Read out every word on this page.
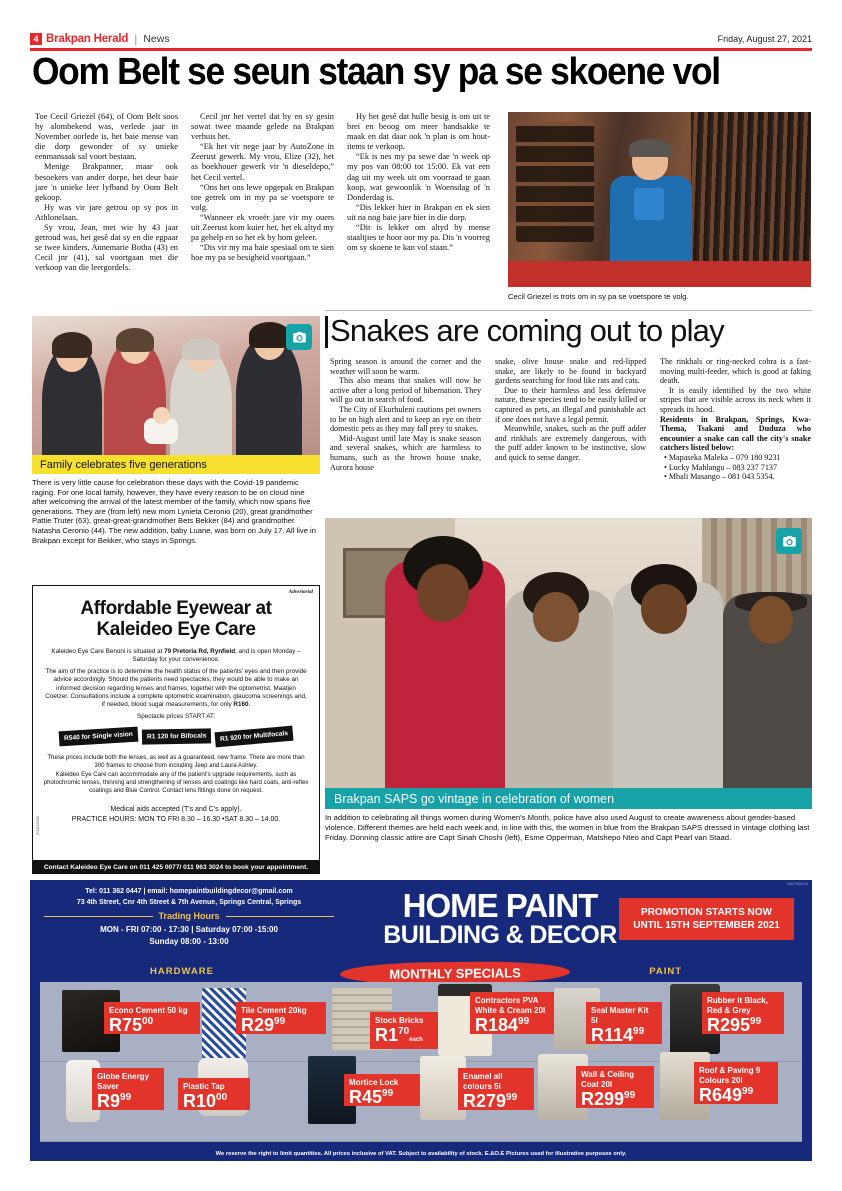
4 Brakpan Herald | News	Friday, August 27, 2021
Oom Belt se seun staan sy pa se skoene vol

Toe Cecil Griezel (64), of Oom Belt soos hy alombekend was, verlede jaar in November oorlede is, het baie mense van die dorp gewonder of sy unieke eenmansaak sal voort bestaan.

Menige Brakpanner, maar ook besoekers van ander dorpe, het deur baie jare 'n unieke leer lyfband by Oom Belt gekoop.

Hy was vir jare getrou op sy pos in Athlonelaan.

Sy vrou, Jean, met wie hy 43 jaar getroud was, het gesê dat sy en die egpaar se twee kinders, Annemarie Botha (43) en Cecil jnr (41), sal voortgaan met die verkoop van die leergordels.

Cecil jnr het vertel dat hy en sy gesin sowat twee maande gelede na Brakpan verhuis het.

“Ek het vir nege jaar by AutoZone in Zeerust gewerk. My vrou, Elize (32), het as boekhouer gewerk vir 'n dieseldepo,” het Cecil vertel.

“Ons het ons lewe opgepak en Brakpan toe getrek om in my pa se voetspore te volg.

“Wanneer ek vroeër jare vir my ouers uit Zeerust kom kuier het, het ek altyd my pa gehelp en so het ek by hom geleer.

“Dis vir my ma baie spesiaal om te sien hoe my pa se besigheid voortgaan.”

Hy het gesê dat hulle besig is om uit te brei en beoog om meer handsakke te maak en dat daar ook 'n plan is om hout-items te verkoop.

“Ek is nes my pa sewe dae 'n week op my pos van 08:00 tot 15:00. Ek vat een dag uit my week uit om voorraad te gaan koop, wat gewoonlik 'n Woensdag of 'n Donderdag is.

“Dis lekker hier in Brakpan en ek sien uit na nog baie jare hier in die dorp.

“Dit is lekker om altyd by mense staaltjies te hoor oor my pa. Dis 'n voorreg om sy skoene te kan vol staan.”

Cecil Griezel is trots om in sy pa se voetspore te volg.
Snakes are coming out to play

Spring season is around the corner and the weather will soon be warm.

This also means that snakes will now be active after a long period of hibernation. They will go out in search of food.

The City of Ekurhuleni cautions pet owners to be on high alert and to keep an eye on their domestic pets as they may fall prey to snakes.

Mid-August until late May is snake season and several snakes, which are harmless to humans, such as the brown house snake, Aurora house

snake, olive house snake and red-lipped snake, are likely to be found in backyard gardens searching for food like rats and cats.

Due to their harmless and less defensive nature, these species tend to be easily killed or captured as pets, an illegal and punishable act if one does not have a legal permit.

Meanwhile, snakes, such as the puff adder and rinkhals are extremely dangerous, with the puff adder known to be instinctive, slow and quick to sense danger.

The rinkhals or ring-necked cobra is a fast-moving multi-feeder, which is good at faking death.

It is easily identified by the two white stripes that are visible across its neck when it spreads its hood.

Residents in Brakpan, Springs, Kwa-Thema, Tsakani and Duduza who encounter a snake can call the city's snake catchers listed below:

• Mapaseka Maleka – 079 180 9231

• Lucky Mahlangu – 083 237 7137

• Mbali Masango – 081 043 5354.

Family celebrates five generations
There is very little cause for celebration these days with the Covid-19 pandemic raging. For one local family, however, they have every reason to be on cloud nine after welcoming the arrival of the latest member of the family, which now spans five generations. They are (from left) new mom Lynieta Ceronio (20), great grandmother Pattie Truter (63), great-great-grandmother Bets Bekker (84) and grandmother Natasha Ceronio (44). The new addition, baby Luane, was born on July 17. All live in Brakpan except for Bekker, who stays in Springs.
Advertorial
Affordable Eyewear at
Kaleideo Eye Care

Kaleideo Eye Care Benoni is situated at 79 Pretoria Rd, Rynfield, and is open Monday – Saturday for your convenience.

The aim of the practice is to determine the health status of the patients' eyes and then provide advice accordingly. Should the patients need spectacles, they would be able to make an informed decision regarding lenses and frames, together with the optometrist, Maatjen Coetzer. Consultations include a complete optometric examination, glaucoma screenings and, if needed, blood sugar measurements, for only R160.

Spectacle prices START AT:

R540 for Single vision	R1 120 for Bifocals	R1 920 for Multifocals

These prices include both the lenses, as well as a guaranteed, new frame. There are more than 300 frames to choose from including Jeep and Laura Ashley.

Kaleideo Eye Care can accommodate any of the patient's upgrade requirements, such as photochromic lenses, thinning and strengthening of lenses and coatings like hard coats, anti-reflex coatings and Blue Control. Contact lens fittings done on request.

Medical aids accepted (T's and C's apply).
PRACTICE HOURS: MON TO FRI 8.30 – 16.30 •SAT 8.30 – 14.00.
X1A10030
Contact Kaleideo Eye Care on 011 425 0077/ 011 963 3024 to book your appointment.
Brakpan SAPS go vintage in celebration of women
In addition to celebrating all things women during Women's Month, police have also used August to create awareness about gender-based violence. Different themes are held each week and, in line with this, the women in blue from the Brakpan SAPS dressed in vintage clothing last Friday. Donning classic attire are Capt Sinah Choshi (left), Esme Opperman, Matshepo Nteo and Capt Pearl van Staad.
00671828.24
Tel: 011 362 0447 | email: homepaintbuildingdecor@gmail.com
73 4th Street, Cnr 4th Street & 7th Avenue, Springs Central, Springs
Trading Hours
MON - FRI 07:00 - 17:30 | Saturday 07:00 -15:00
Sunday 08:00 - 13:00
HOME PAINT
BUILDING & DECOR
PROMOTION STARTS NOW
UNTIL 15TH SEPTEMBER 2021
HARDWARE	MONTHLY SPECIALS	PAINT
Econo Cement 50 kg
$R75^{00}$
Tile Cement 20kg
$R29^{99}$	Stock Bricks
$R1^{70}each$
Contractors PVA White & Cream 20l
$R184^{99}$
Seal Master Kit 5l
$R114^{99}$
Rubber it Black, Red & Grey
$R295^{99}$
Globe Energy Saver
$R9^{99}$
Plastic Tap
$R10^{00}$
Mortice Lock
$R45^{99}$
Enamel all colours 5l
$R279^{99}$
Wall & Ceiling Coat 20l
$R299^{99}$
Roof & Paving 9 Colours 20l
$R649^{99}$
We reserve the right to limit quantities. All prices inclusive of VAT. Subject to availability of stock. E.&O.E Pictures used for illustrative purposes only.
